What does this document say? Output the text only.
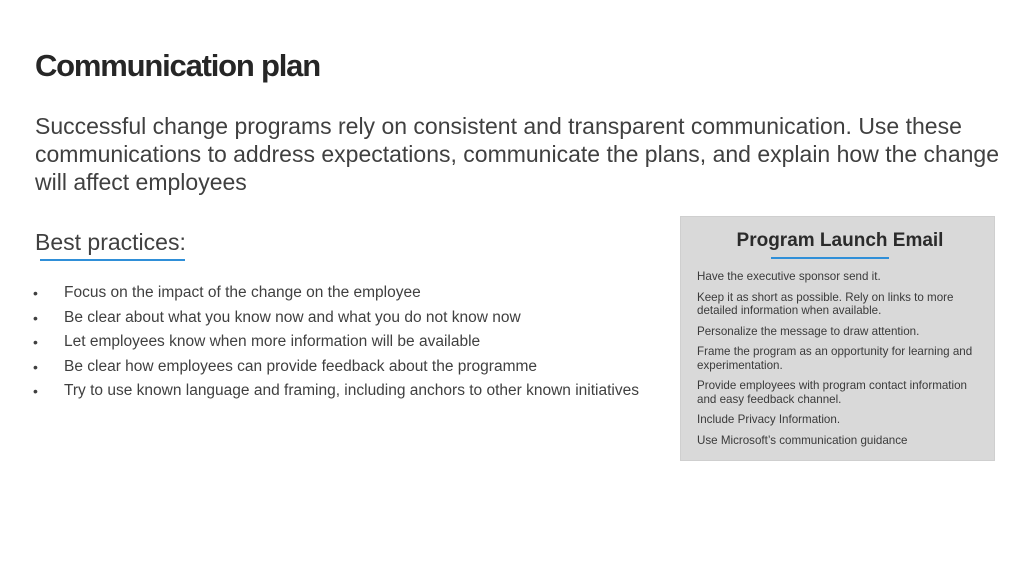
Communication plan
Successful change programs rely on consistent and transparent communication. Use these communications to address expectations, communicate the plans, and explain how the change will affect employees
Best practices:
• Focus on the impact of the change on the employee
• Be clear about what you know now and what you do not know now
• Let employees know when more information will be available
• Be clear how employees can provide feedback about the programme
• Try to use known language and framing, including anchors to other known initiatives
Program Launch Email
Have the executive sponsor send it.
Keep it as short as possible. Rely on links to more detailed information when available.
Personalize the message to draw attention.
Frame the program as an opportunity for learning and experimentation.
Provide employees with program contact information and easy feedback channel.
Include Privacy Information.
Use Microsoft’s communication guidance
